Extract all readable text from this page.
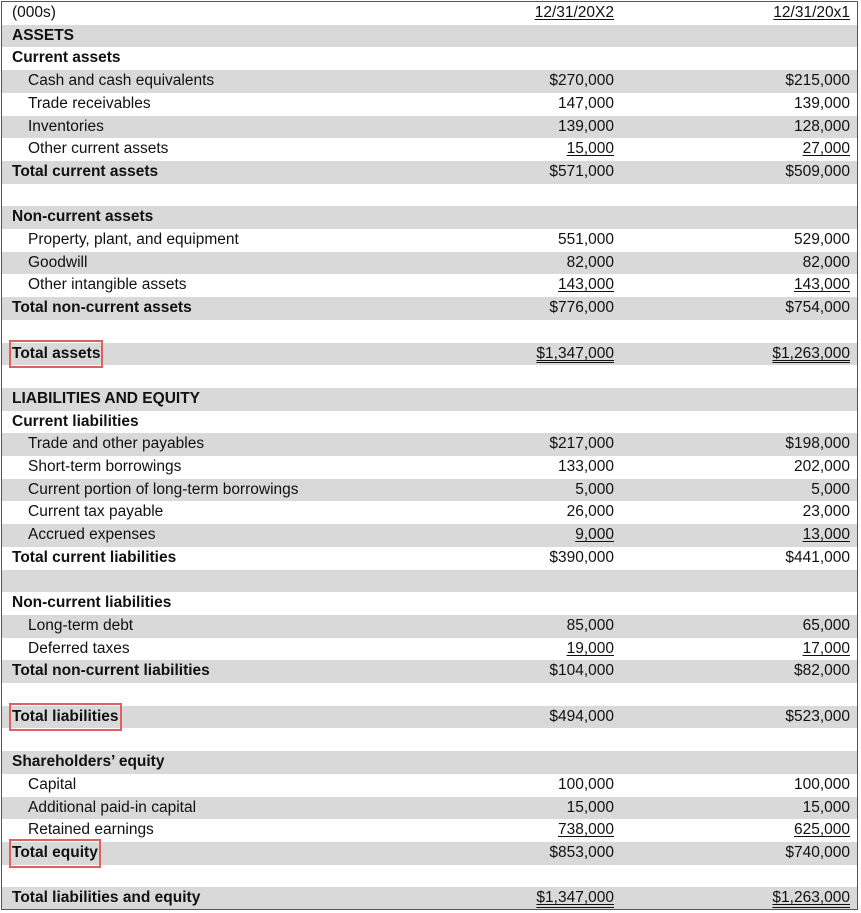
(000s)	12/31/20X2	12/31/20x1
ASSETS
Current assets
Cash and cash equivalents	$270,000	$215,000
Trade receivables	147,000	139,000
Inventories	139,000	128,000
Other current assets	15,000	27,000
Total current assets	$571,000	$509,000
Non-current assets
Property, plant, and equipment	551,000	529,000
Goodwill	82,000	82,000
Other intangible assets	143,000	143,000
Total non-current assets	$776,000	$754,000
Total assets	$1,347,000	$1,263,000
LIABILITIES AND EQUITY
Current liabilities
Trade and other payables	$217,000	$198,000
Short-term borrowings	133,000	202,000
Current portion of long-term borrowings	5,000	5,000
Current tax payable	26,000	23,000
Accrued expenses	9,000	13,000
Total current liabilities	$390,000	$441,000
Non-current liabilities
Long-term debt	85,000	65,000
Deferred taxes	19,000	17,000
Total non-current liabilities	$104,000	$82,000
Total liabilities	$494,000	$523,000
Shareholders’ equity
Capital	100,000	100,000
Additional paid-in capital	15,000	15,000
Retained earnings	738,000	625,000
Total equity	$853,000	$740,000
Total liabilities and equity	$1,347,000	$1,263,000
